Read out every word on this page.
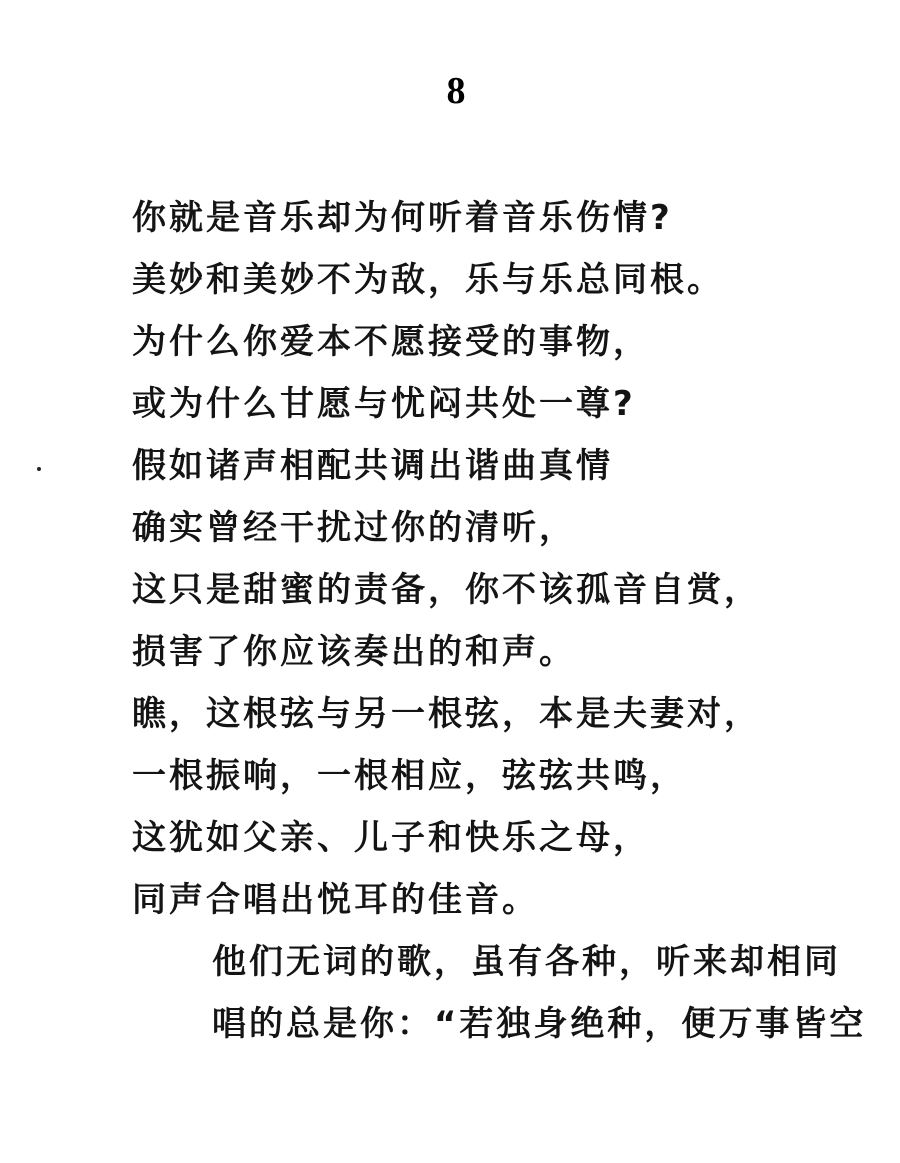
8
你就是音乐却为何听着音乐伤情?
美妙和美妙不为敌，乐与乐总同根。
为什么你爱本不愿接受的事物，
或为什么甘愿与忧闷共处一尊?
假如诸声相配共调出谐曲真情
确实曾经干扰过你的清听，
这只是甜蜜的责备，你不该孤音自赏，
损害了你应该奏出的和声。
瞧，这根弦与另一根弦，本是夫妻对，
一根振响，一根相应，弦弦共鸣，
这犹如父亲、儿子和快乐之母，
同声合唱出悦耳的佳音。
他们无词的歌，虽有各种，听来却相同
唱的总是你：“若独身绝种，便万事皆空
